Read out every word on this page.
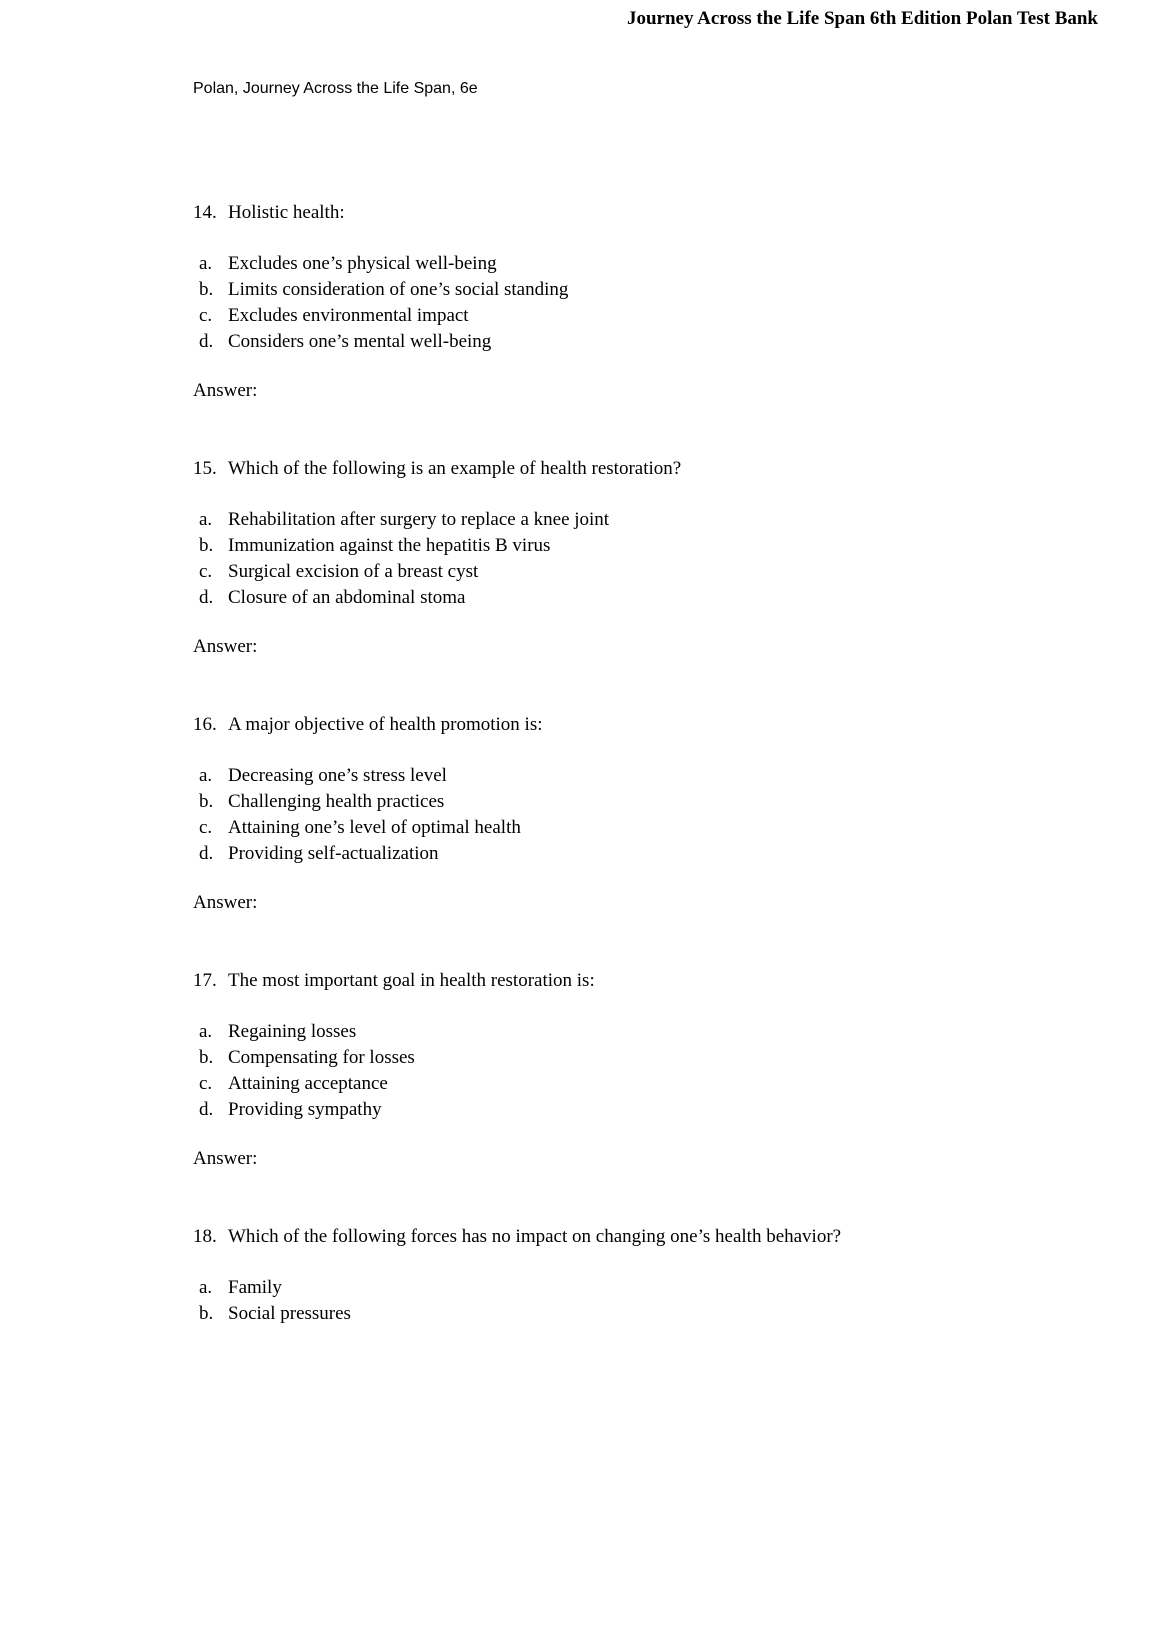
Journey Across the Life Span 6th Edition Polan Test Bank
Polan, Journey Across the Life Span, 6e
14. Holistic health:
a. Excludes one’s physical well-being
b. Limits consideration of one’s social standing
c. Excludes environmental impact
d. Considers one’s mental well-being
Answer:
15. Which of the following is an example of health restoration?
a. Rehabilitation after surgery to replace a knee joint
b. Immunization against the hepatitis B virus
c. Surgical excision of a breast cyst
d. Closure of an abdominal stoma
Answer:
16. A major objective of health promotion is:
a. Decreasing one’s stress level
b. Challenging health practices
c. Attaining one’s level of optimal health
d. Providing self-actualization
Answer:
17. The most important goal in health restoration is:
a. Regaining losses
b. Compensating for losses
c. Attaining acceptance
d. Providing sympathy
Answer:
18. Which of the following forces has no impact on changing one’s health behavior?
a. Family
b. Social pressures
